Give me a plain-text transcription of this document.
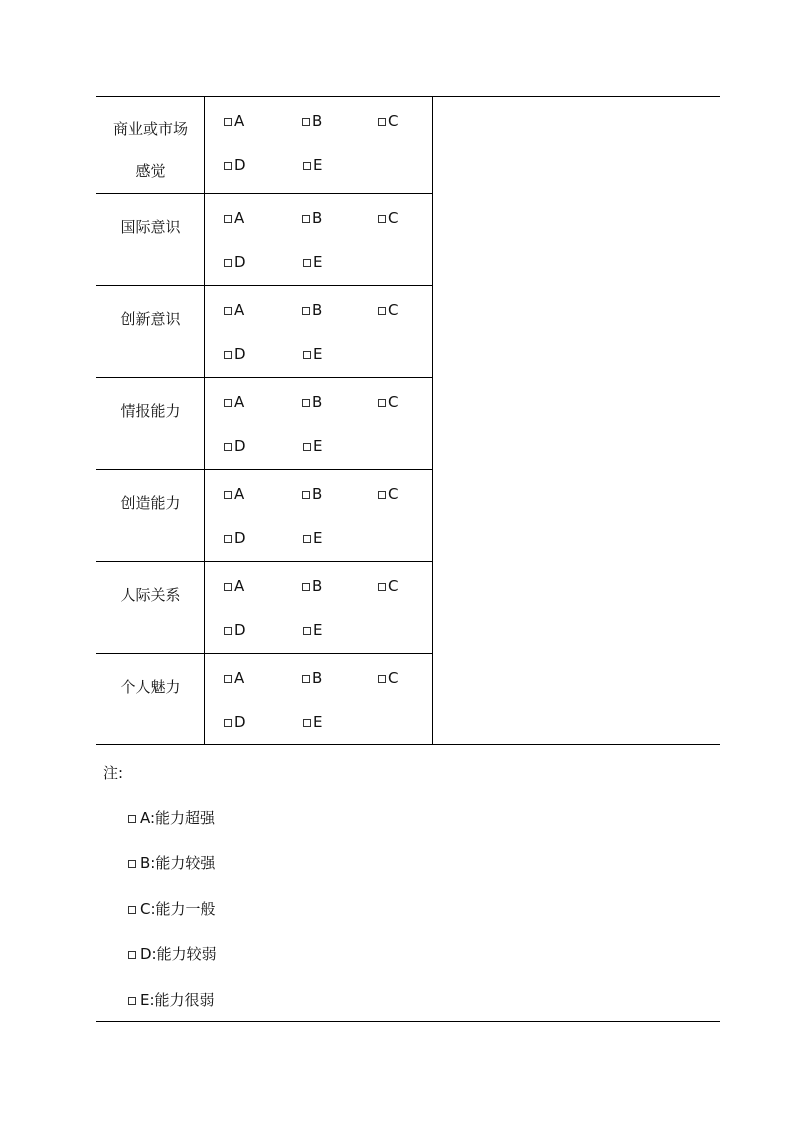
商业或市场
感觉
A	B	C
D	E
国际意识	A	B	C
D	E
创新意识	A	B	C
D	E
情报能力	A	B	C
D	E
创造能力	A	B	C
D	E
人际关系	A	B	C
D	E
个人魅力	A	B	C
D	E
注:
A:能力超强
B:能力较强
C:能力一般
D:能力较弱
E:能力很弱
